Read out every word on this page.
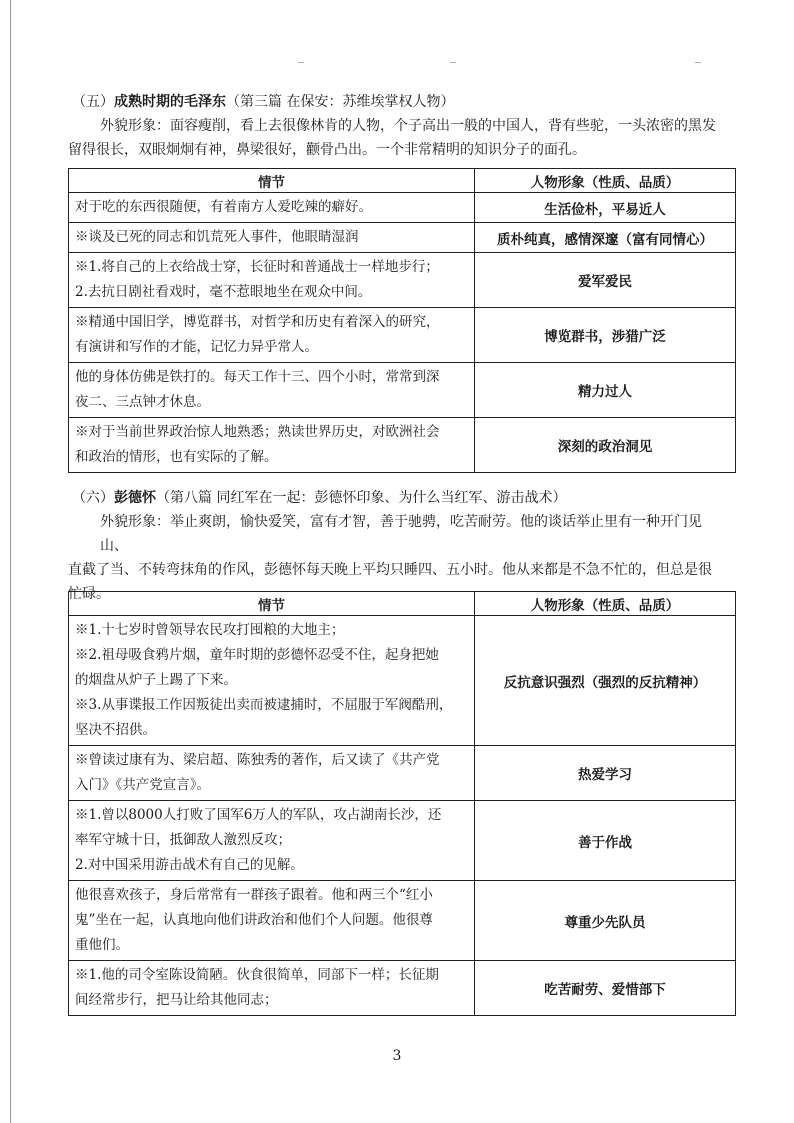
（五）成熟时期的毛泽东（第三篇 在保安：苏维埃掌权人物）
外貌形象：面容瘦削，看上去很像林肯的人物，个子高出一般的中国人，背有些驼，一头浓密的黑发
留得很长，双眼炯炯有神，鼻梁很好，颧骨凸出。一个非常精明的知识分子的面孔。
情节	人物形象（性质、品质）

对于吃的东西很随便，有着南方人爱吃辣的癖好。	生活俭朴，平易近人

※谈及已死的同志和饥荒死人事件，他眼睛湿润	质朴纯真，感情深邃（富有同情心）

※1.将自己的上衣给战士穿，长征时和普通战士一样地步行；
2.去抗日剧社看戏时，毫不惹眼地坐在观众中间。	爱军爱民

※精通中国旧学，博览群书，对哲学和历史有着深入的研究，
有演讲和写作的才能，记忆力异乎常人。	博览群书，涉猎广泛

他的身体仿佛是铁打的。每天工作十三、四个小时，常常到深
夜二、三点钟才休息。	精力过人

※对于当前世界政治惊人地熟悉；熟读世界历史，对欧洲社会
和政治的情形，也有实际的了解。	深刻的政治洞见
（六）彭德怀（第八篇 同红军在一起：彭德怀印象、为什么当红军、游击战术）
外貌形象：举止爽朗，愉快爱笑，富有才智，善于驰骋，吃苦耐劳。他的谈话举止里有一种开门见山、
直截了当、不转弯抹角的作风，彭德怀每天晚上平均只睡四、五小时。他从来都是不急不忙的，但总是很
忙碌。
情节	人物形象（性质、品质）

※1.十七岁时曾领导农民攻打囤粮的大地主；
※2.祖母吸食鸦片烟，童年时期的彭德怀忍受不住，起身把她
的烟盘从炉子上踢了下来。
※3.从事谍报工作因叛徒出卖而被逮捕时，不屈服于军阀酷刑，
坚决不招供。	反抗意识强烈（强烈的反抗精神）

※曾读过康有为、梁启超、陈独秀的著作，后又读了《共产党
入门》《共产党宣言》。	热爱学习

※1.曾以8000人打败了国军6万人的军队，攻占湖南长沙，还
率军守城十日，抵御敌人激烈反攻；
2.对中国采用游击战术有自己的见解。	善于作战

他很喜欢孩子，身后常常有一群孩子跟着。他和两三个“红小
鬼”坐在一起，认真地向他们讲政治和他们个人问题。他很尊
重他们。	尊重少先队员

※1.他的司令室陈设简陋。伙食很简单，同部下一样；长征期
间经常步行，把马让给其他同志；	吃苦耐劳、爱惜部下
3
